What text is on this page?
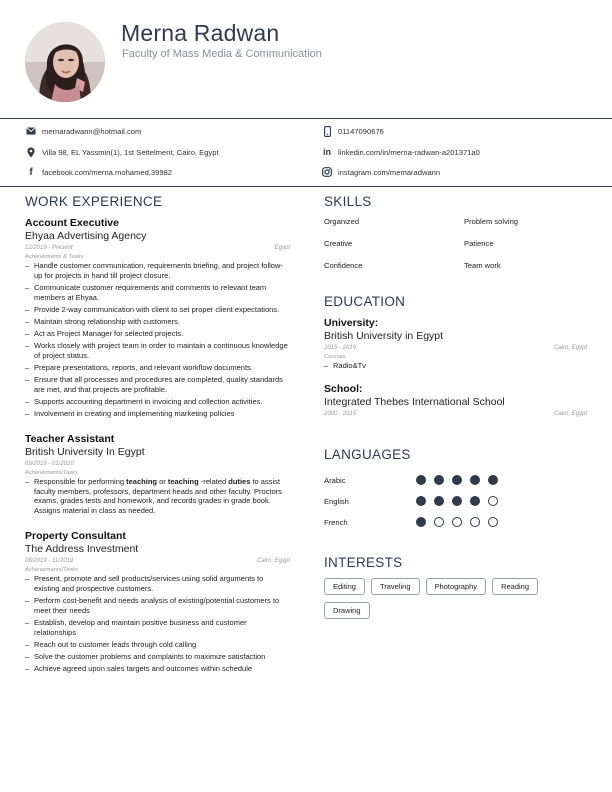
Merna Radwan
Faculty of Mass Media & Communication
mernaradwann@hotmail.com	01147090676
Villa 98, EL Yassmin(1), 1st Settelment, Cairo, Egypt	in linkedin.com/in/merna-radwan-a201371a0
f	facebook.com/merna.mohamed.39982	instagram.com/memaradwann
WORK EXPERIENCE
Account Executive
Ehyaa Advertising Agency
12/2019 - Present	Egypt
Achievements & Tasks
– Handle customer communication, requirements briefing, and project follow-up for projects in hand till project closure.
– Communicate customer requirements and comments to relevant team members at Ehyaa.
– Provide 2-way communication with client to set proper client expectations.
– Maintain strong relationship with customers.
– Act as Project Manager for selected projects.
– Works closely with project team in order to maintain a continuous knowledge of project status.
– Prepare presentations, reports, and relevant workflow documents.
– Ensure that all processes and procedures are completed, quality standards are met, and that projects are profitable.
– Supports accounting department in invoicing and collection activities.
– Involvement in creating and implementing marketing policies
Teacher Assistant
British University In Egypt
09/2019 - 01/2020
Achievements/Tasks
– Responsible for performing teaching or teaching -related duties to assist faculty members, professors, department heads and other faculty. Proctors exams, grades tests and homework, and records grades in grade book. Assigns material in class as needed.
Property Consultant
The Address Investment
08/2019 - 11/2019	Cairo, Egypt
Achievements/Tasks
– Present, promote and sell products/services using solid arguments to existing and prospective customers.
– Perform cost-benefit and needs analysis of existing/potential customers to meet their needs
– Establish, develop and maintain positive business and customer relationships
– Reach out to customer leads through cold calling
– Solve the customer problems and complaints to maximize satisfaction
– Achieve agreed upon sales targets and outcomes within schedule
SKILLS
Organized	Problem solving
Creative	Patience
Confidence	Team work
EDUCATION
University:
British University in Egypt
2015 - 2019	Cairo, Egypt
Courses
– Radio&Tv
School:
Integrated Thebes International School
2000 - 2015	Cairo, Egypt
LANGUAGES
Arabic
English
French
INTERESTS
Editing	Traveling	Photography	Reading
Drawing
